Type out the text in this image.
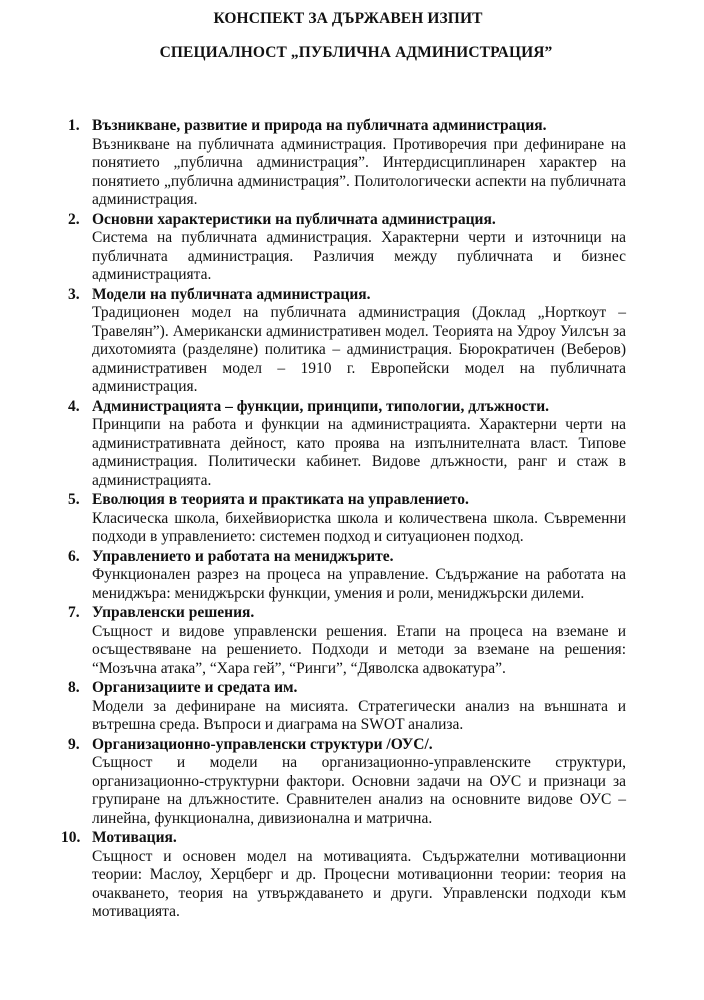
КОНСПЕКТ ЗА ДЪРЖАВЕН ИЗПИТ
СПЕЦИАЛНОСТ „ПУБЛИЧНА АДМИНИСТРАЦИЯ”
1. Възникване, развитие и природа на публичната администрация.
Възникване на публичната администрация. Противоречия при дефиниране на понятието „публична администрация”. Интердисциплинарен характер на понятието „публична администрация”. Политологически аспекти на публичната администрация.
2. Основни характеристики на публичната администрация.
Система на публичната администрация. Характерни черти и източници на публичната администрация. Различия между публичната и бизнес администрацията.
3. Модели на публичната администрация.
Традиционен модел на публичната администрация (Доклад „Норткоут – Травелян”). Американски административен модел. Теорията на Удроу Уилсън за дихотомията (разделяне) политика – администрация. Бюрократичен (Веберов) административен модел – 1910 г. Европейски модел на публичната администрация.
4. Администрацията – функции, принципи, типологии, длъжности.
Принципи на работа и функции на администрацията. Характерни черти на административната дейност, като проява на изпълнителната власт. Типове администрация. Политически кабинет. Видове длъжности, ранг и стаж в администрацията.
5. Еволюция в теорията и практиката на управлението.
Класическа школа, бихейвиористка школа и количествена школа. Съвременни подходи в управлението: системен подход и ситуационен подход.
6. Управлението и работата на мениджърите.
Функционален разрез на процеса на управление. Съдържание на работата на мениджъра: мениджърски функции, умения и роли, мениджърски дилеми.
7. Управленски решения.
Същност и видове управленски решения. Етапи на процеса на вземане и осъществяване на решението. Подходи и методи за вземане на решения: “Мозъчна атака”, “Хара гей”, “Ринги”, “Дяволска адвокатура”.
8. Организациите и средата им.
Модели за дефиниране на мисията. Стратегически анализ на външната и вътрешна среда. Въпроси и диаграма на SWOT анализа.
9. Организационно-управленски структури /ОУС/.
Същност и модели на организационно-управленските структури, организационно-структурни фактори. Основни задачи на ОУС и признаци за групиране на длъжностите. Сравнителен анализ на основните видове ОУС – линейна, функционална, дивизионална и матрична.
10. Мотивация.
Същност и основен модел на мотивацията. Съдържателни мотивационни теории: Маслоу, Херцберг и др. Процесни мотивационни теории: теория на очакването, теория на утвърждаването и други. Управленски подходи към мотивацията.
